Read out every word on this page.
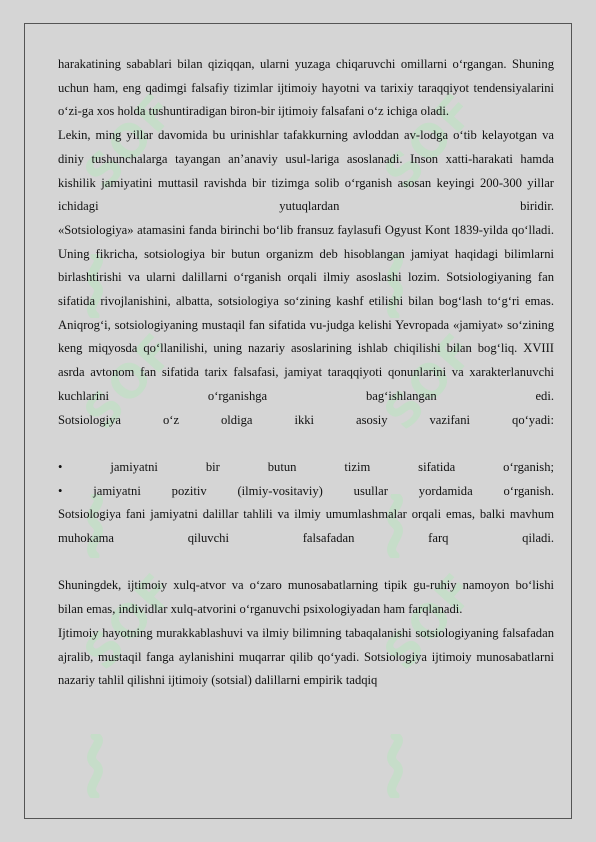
SOF
SOF
SOF
SOF
SOF
SOF

harakatining sabablari bilan qiziqqan, ularni yuzaga chiqaruvchi omillarni o‘rgangan. Shuning uchun ham, eng qadimgi falsafiy tizimlar ijtimoiy hayotni va tarixiy taraqqiyot tendensiyalarini o‘zi-ga xos holda tushuntiradigan biron-bir ijtimoiy falsafani o‘z ichiga oladi.

Lekin, ming yillar davomida bu urinishlar tafakkurning avloddan av-lodga o‘tib kelayotgan va diniy tushunchalarga tayangan an’anaviy usul-lariga asoslanadi. Inson xatti-harakati hamda kishilik jamiyatini muttasil ravishda bir tizimga solib o‘rganish asosan keyingi 200-300 yillar ichidagi yutuqlardan biridir.

«Sotsiologiya» atamasini fanda birinchi bo‘lib fransuz faylasufi Ogyust Kont 1839-yilda qo‘lladi. Uning fikricha, sotsiologiya bir butun organizm deb hisoblangan jamiyat haqidagi bilimlarni birlashtirishi va ularni dalillarni o‘rganish orqali ilmiy asoslashi lozim. Sotsiologiyaning fan sifatida rivojlanishini, albatta, sotsiologiya so‘zining kashf etilishi bilan bog‘lash to‘g‘ri emas. Aniqrog‘i, sotsiologiyaning mustaqil fan sifatida vu-judga kelishi Yevropada «jamiyat» so‘zining keng miqyosda qo‘llanilishi, uning nazariy asoslarining ishlab chiqilishi bilan bog‘liq. XVIII asrda avtonom fan sifatida tarix falsafasi, jamiyat taraqqiyoti qonunlarini va xarakterlanuvchi kuchlarini o‘rganishga bag‘ishlangan edi.

Sotsiologiya o‘z oldiga ikki asosiy vazifani qo‘yadi:

• jamiyatni bir butun tizim sifatida o‘rganish;

• jamiyatni pozitiv (ilmiy-vositaviy) usullar yordamida o‘rganish.

Sotsiologiya fani jamiyatni dalillar tahlili va ilmiy umumlashmalar orqali emas, balki mavhum muhokama qiluvchi falsafadan farq qiladi.

Shuningdek, ijtimoiy xulq-atvor va o‘zaro munosabatlarning tipik gu-ruhiy namoyon bo‘lishi bilan emas, individlar xulq-atvorini o‘rganuvchi psixologiyadan ham farqlanadi.

Ijtimoiy hayotning murakkablashuvi va ilmiy bilimning tabaqalanishi sotsiologiyaning falsafadan ajralib, mustaqil fanga aylanishini muqarrar qilib qo‘yadi. Sotsiologiya ijtimoiy munosabatlarni nazariy tahlil qilishni ijtimoiy (sotsial) dalillarni empirik tadqiq
